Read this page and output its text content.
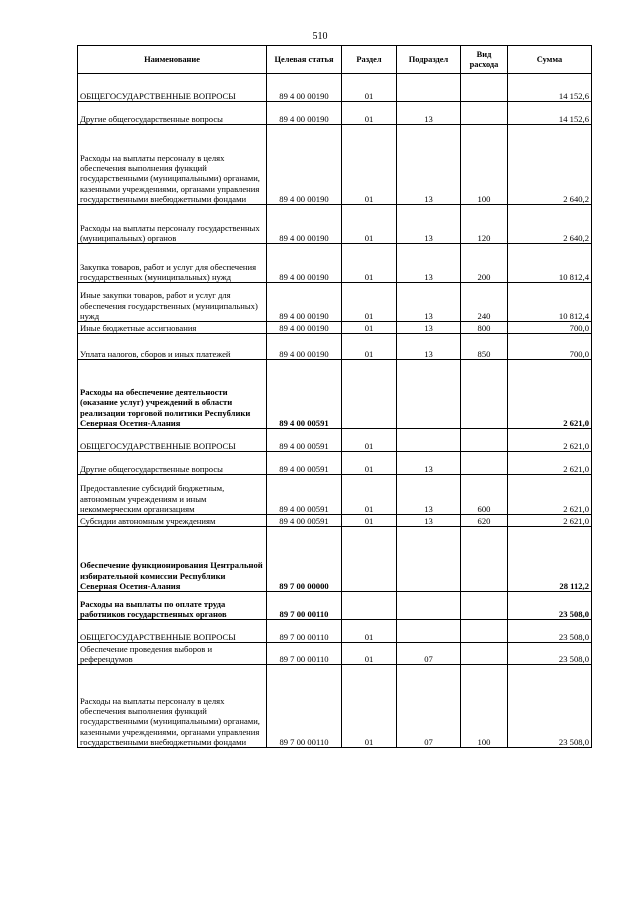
510
Наименование	Целевая статья	Раздел	Подраздел	Вид расхода	Сумма
ОБЩЕГОСУДАРСТВЕННЫЕ ВОПРОСЫ	89 4 00 00190	01			14 152,6
Другие общегосударственные вопросы	89 4 00 00190	01	13		14 152,6
Расходы на выплаты персоналу в целях обеспечения выполнения функций государственными (муниципальными) органами, казенными учреждениями, органами управления государственными внебюджетными фондами	89 4 00 00190	01	13	100	2 640,2
Расходы на выплаты персоналу государственных (муниципальных) органов	89 4 00 00190	01	13	120	2 640,2
Закупка товаров, работ и услуг для обеспечения государственных (муниципальных) нужд	89 4 00 00190	01	13	200	10 812,4
Иные закупки товаров, работ и услуг для обеспечения государственных (муниципальных) нужд	89 4 00 00190	01	13	240	10 812,4
Иные бюджетные ассигнования	89 4 00 00190	01	13	800	700,0
Уплата налогов, сборов и иных платежей	89 4 00 00190	01	13	850	700,0
Расходы на обеспечение деятельности (оказание услуг) учреждений в области реализации торговой политики Республики Северная Осетия-Алания	89 4 00 00591				2 621,0
ОБЩЕГОСУДАРСТВЕННЫЕ ВОПРОСЫ	89 4 00 00591	01			2 621,0
Другие общегосударственные вопросы	89 4 00 00591	01	13		2 621,0
Предоставление субсидий бюджетным, автономным учреждениям и иным некоммерческим организациям	89 4 00 00591	01	13	600	2 621,0
Субсидии автономным учреждениям	89 4 00 00591	01	13	620	2 621,0
Обеспечение функционирования Центральной избирательной комиссии Республики Северная Осетия-Алания	89 7 00 00000				28 112,2
Расходы на выплаты по оплате труда работников государственных органов	89 7 00 00110				23 508,0
ОБЩЕГОСУДАРСТВЕННЫЕ ВОПРОСЫ	89 7 00 00110	01			23 508,0
Обеспечение проведения выборов и референдумов	89 7 00 00110	01	07		23 508,0
Расходы на выплаты персоналу в целях обеспечения выполнения функций государственными (муниципальными) органами, казенными учреждениями, органами управления государственными внебюджетными фондами	89 7 00 00110	01	07	100	23 508,0
